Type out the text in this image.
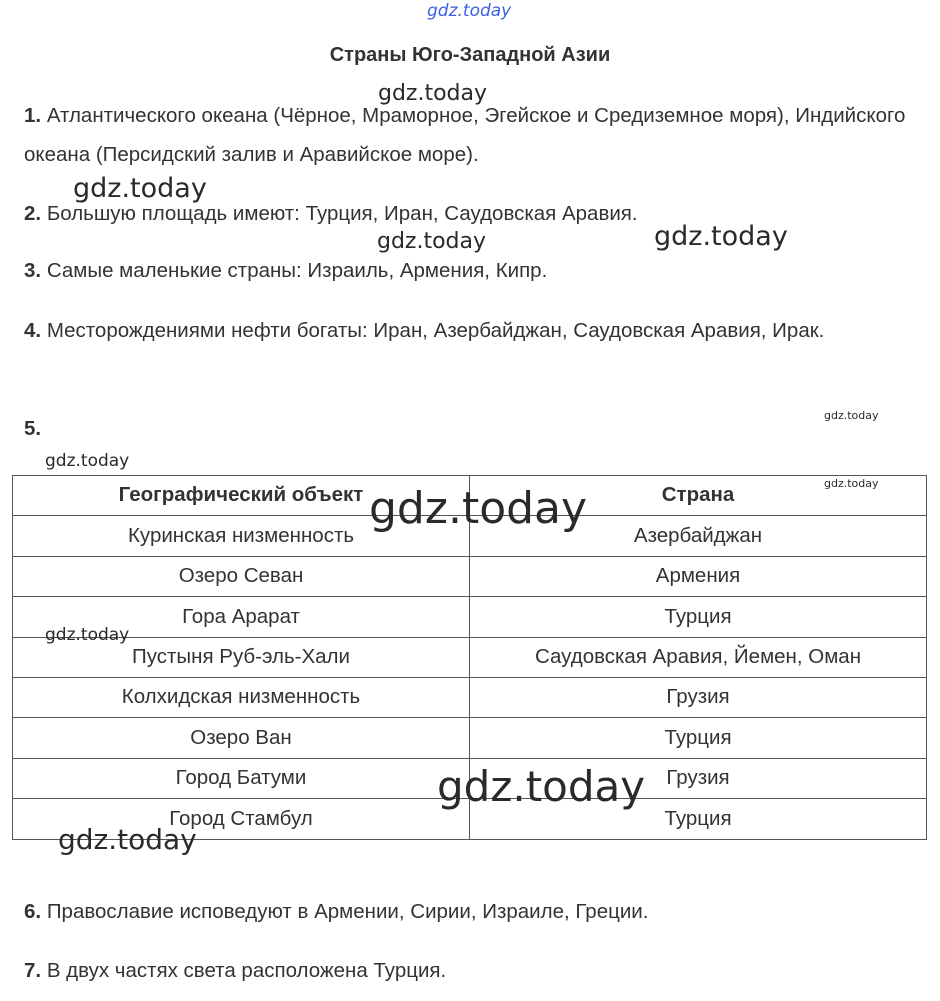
gdz.today
Страны Юго-Западной Азии
1. Атлантического океана (Чёрное, Мраморное, Эгейское и Средиземное моря), Индийского океана (Персидский залив и Аравийское море).
2. Большую площадь имеют: Турция, Иран, Саудовская Аравия.
3. Самые маленькие страны: Израиль, Армения, Кипр.
4. Месторождениями нефти богаты: Иран, Азербайджан, Саудовская Аравия, Ирак.
5.
Географический объект	Страна
Куринская низменность	Азербайджан
Озеро Севан	Армения
Гора Арарат	Турция
Пустыня Руб-эль-Хали	Саудовская Аравия, Йемен, Оман
Колхидская низменность	Грузия
Озеро Ван	Турция
Город Батуми	Грузия
Город Стамбул	Турция
6. Православие исповедуют в Армении, Сирии, Израиле, Греции.
7. В двух частях света расположена Турция.
gdz.today
gdz.today
gdz.today	gdz.today
gdz.today
gdz.today
gdz.today
gdz.today
gdz.today
gdz.today
gdz.today
